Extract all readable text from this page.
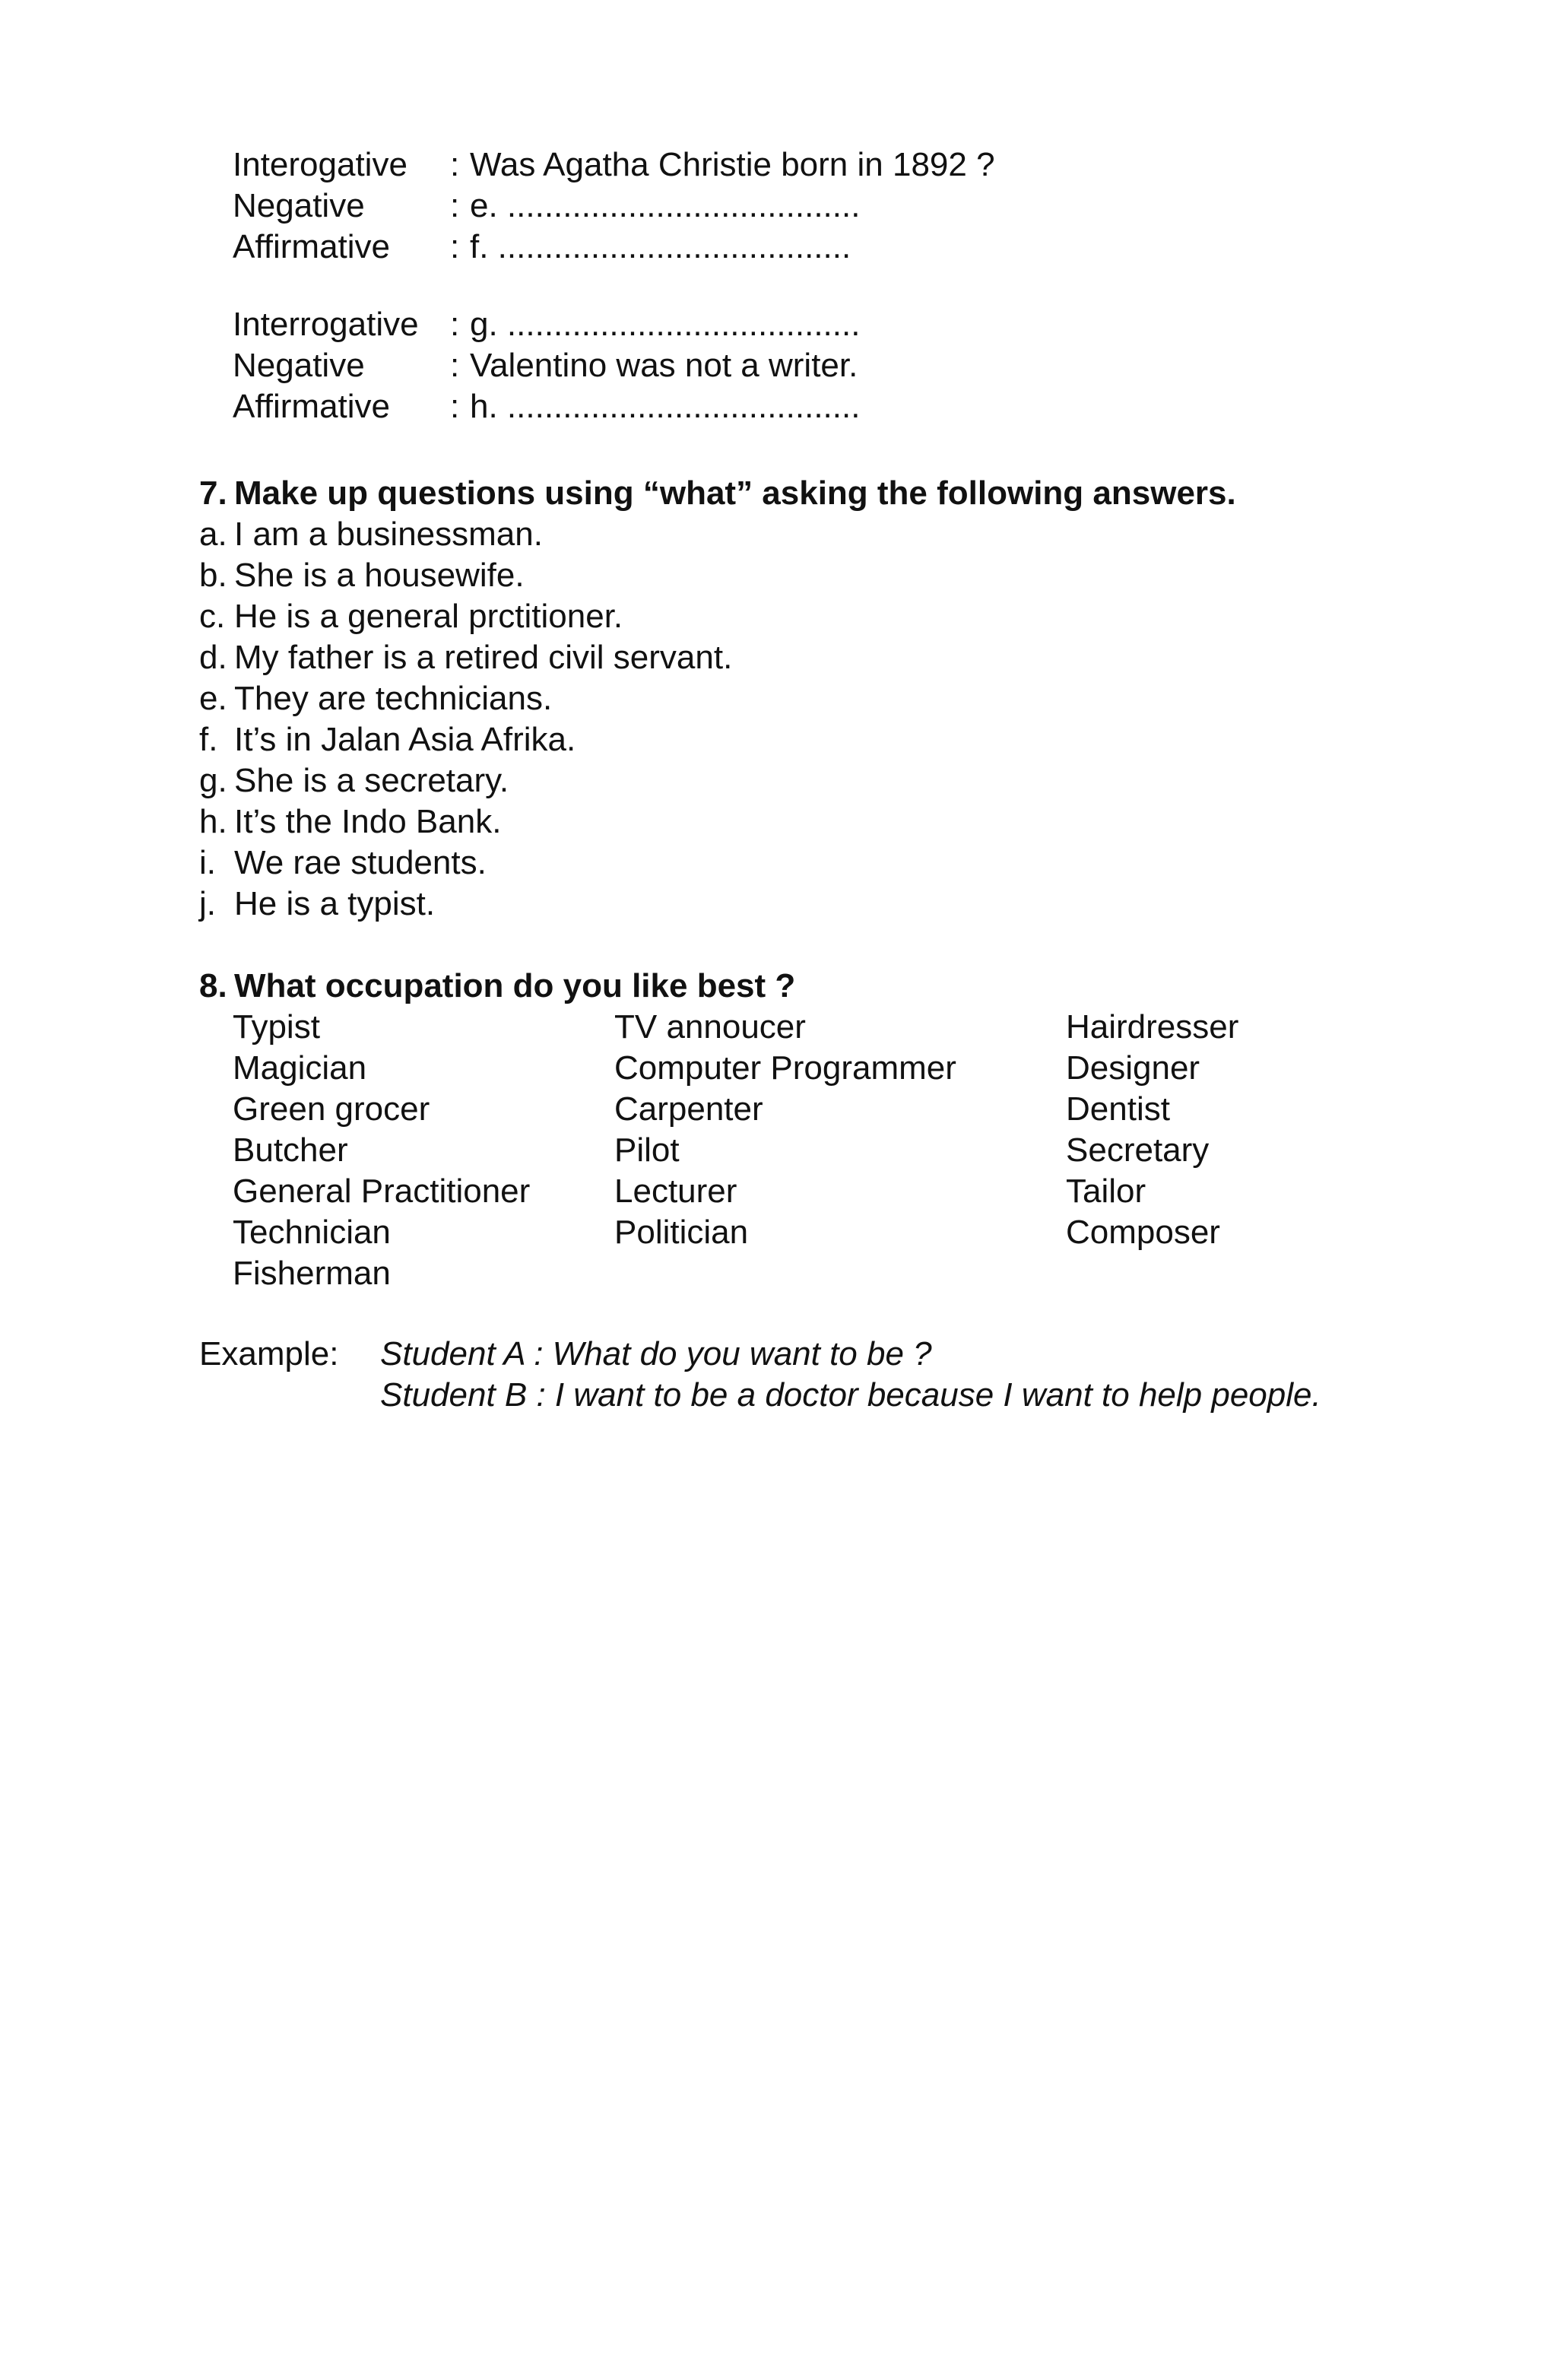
Interogative	: Was Agatha Christie born in 1892 ?
Negative	: e. ......................................
Affirmative	: f. ......................................
Interrogative : g. ......................................
Negative	: Valentino was not a writer.
Affirmative	: h. ......................................
7. Make up questions using “what” asking the following answers.
a. I am a businessman.
b. She is a housewife.
c. He is a general prctitioner.
d. My father is a retired civil servant.
e. They are technicians.
f. It’s in Jalan Asia Afrika.
g. She is a secretary.
h. It’s the Indo Bank.
i. We rae students.
j. He is a typist.
8. What occupation do you like best ?
Typist	TV annoucer	Hairdresser
Magician	Computer Programmer	Designer
Green grocer	Carpenter	Dentist
Butcher	Pilot	Secretary
General Practitioner	Lecturer	Tailor
Technician	Politician	Composer
Fisherman
Example:	Student A : What do you want to be ?
Student B : I want to be a doctor because I want to help people.
